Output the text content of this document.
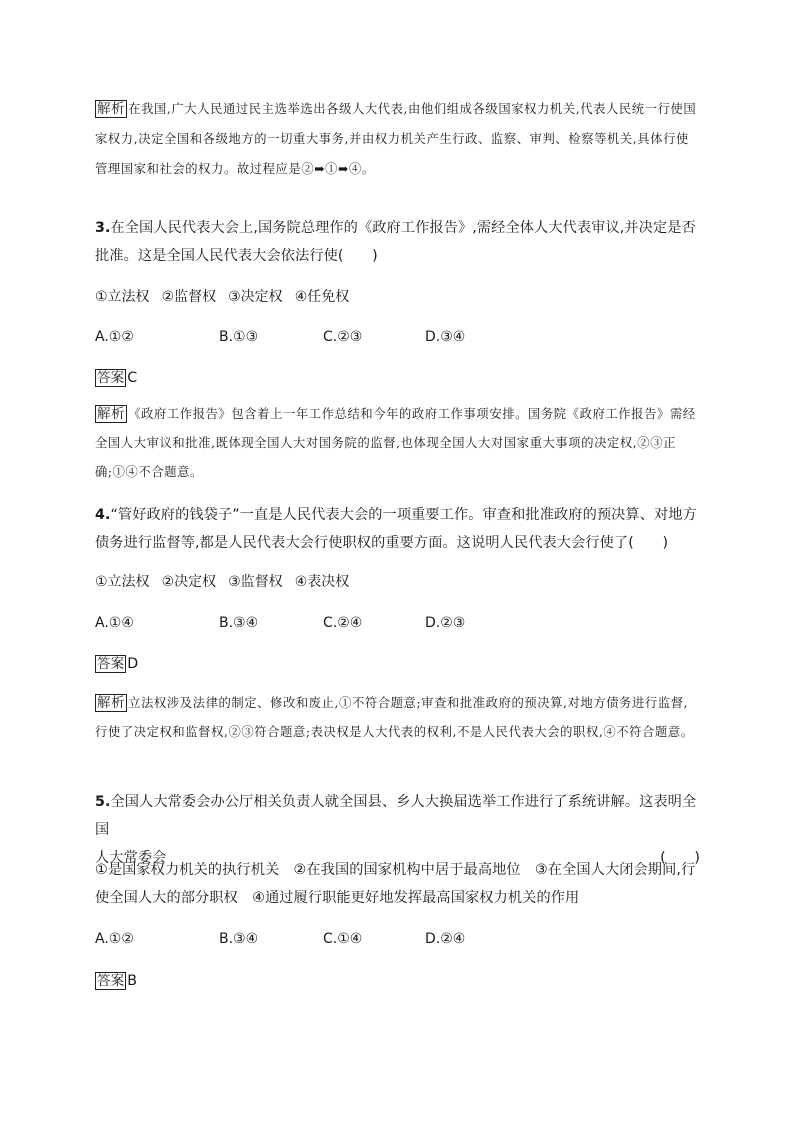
解析 在我国,广大人民通过民主选举选出各级人大代表,由他们组成各级国家权力机关,代表人民统一行使国家权力,决定全国和各级地方的一切重大事务,并由权力机关产生行政、监察、审判、检察等机关,具体行使管理国家和社会的权力。故过程应是②➡①➡④。
3.在全国人民代表大会上,国务院总理作的《政府工作报告》,需经全体人大代表审议,并决定是否批准。这是全国人民代表大会依法行使(　　)
①立法权 ②监督权 ③决定权 ④任免权
A.①②	B.①③	C.②③	D.③④
答案 C
解析 《政府工作报告》包含着上一年工作总结和今年的政府工作事项安排。国务院《政府工作报告》需经全国人大审议和批准,既体现全国人大对国务院的监督,也体现全国人大对国家重大事项的决定权,②③正确;①④不合题意。
4.“管好政府的钱袋子”一直是人民代表大会的一项重要工作。审查和批准政府的预决算、对地方债务进行监督等,都是人民代表大会行使职权的重要方面。这说明人民代表大会行使了(　　)
①立法权 ②决定权 ③监督权 ④表决权
A.①④	B.③④	C.②④	D.②③
答案 D
解析 立法权涉及法律的制定、修改和废止,①不符合题意;审查和批准政府的预决算,对地方债务进行监督,行使了决定权和监督权,②③符合题意;表决权是人大代表的权利,不是人民代表大会的职权,④不符合题意。
5.全国人大常委会办公厅相关负责人就全国县、乡人大换届选举工作进行了系统讲解。这表明全国
人大常委会	(　　)
①是国家权力机关的执行机关　②在我国的国家机构中居于最高地位　③在全国人大闭会期间,行
使全国人大的部分职权　④通过履行职能更好地发挥最高国家权力机关的作用
A.①②	B.③④	C.①④	D.②④
答案 B
